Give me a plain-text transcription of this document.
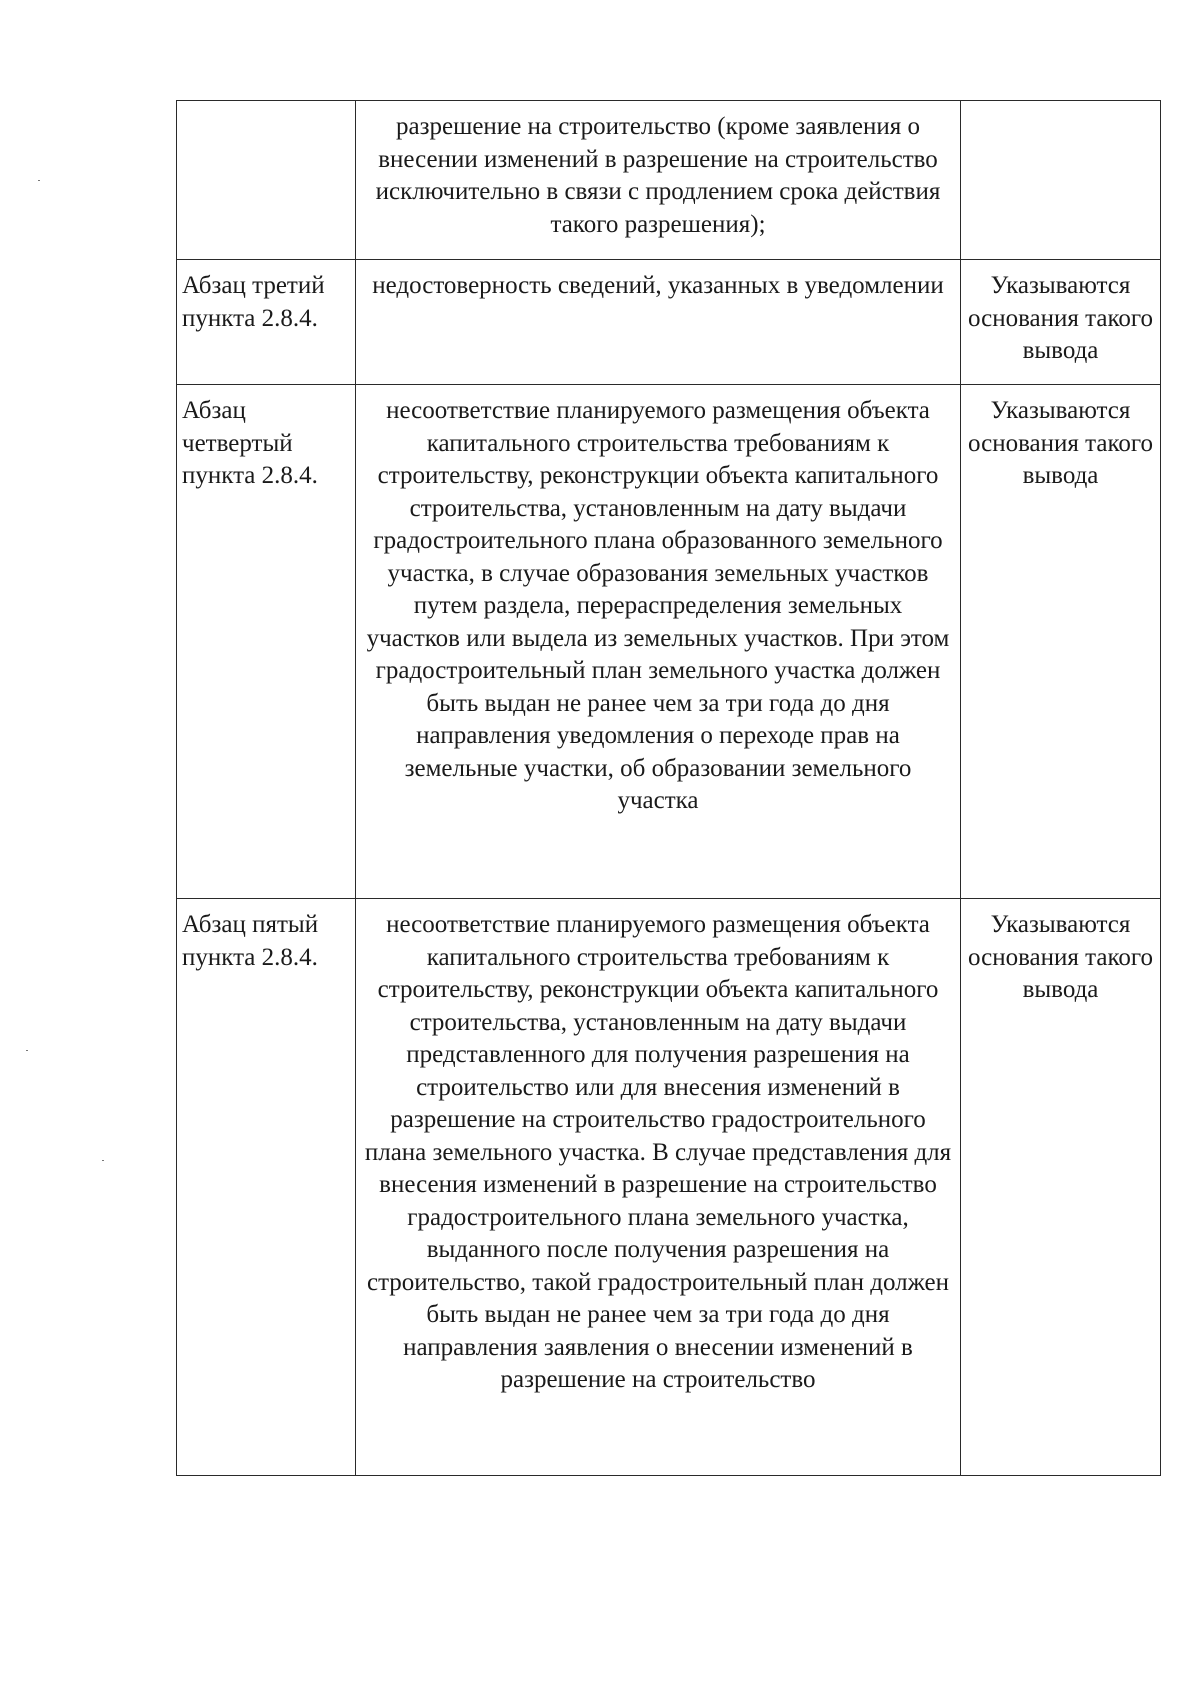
	разрешение на строительство (кроме заявления о внесении изменений в разрешение на строительство исключительно в связи с продлением срока действия такого разрешения);	
Абзац третий пункта 2.8.4.	недостоверность сведений, указанных в уведомлении	Указываются основания такого вывода
Абзац четвертый пункта 2.8.4.	несоответствие планируемого размещения объекта капитального строительства требованиям к строительству, реконструкции объекта капитального строительства, установленным на дату выдачи градостроительного плана образованного земельного участка, в случае образования земельных участков путем раздела, перераспределения земельных участков или выдела из земельных участков. При этом градостроительный план земельного участка должен быть выдан не ранее чем за три года до дня направления уведомления о переходе прав на земельные участки, об образовании земельного участка	Указываются основания такого вывода
Абзац пятый пункта 2.8.4.	несоответствие планируемого размещения объекта капитального строительства требованиям к строительству, реконструкции объекта капитального строительства, установленным на дату выдачи представленного для получения разрешения на строительство или для внесения изменений в разрешение на строительство градостроительного плана земельного участка. В случае представления для внесения изменений в разрешение на строительство градостроительного плана земельного участка, выданного после получения разрешения на строительство, такой градостроительный план должен быть выдан не ранее чем за три года до дня направления заявления о внесении изменений в разрешение на строительство	Указываются основания такого вывода
